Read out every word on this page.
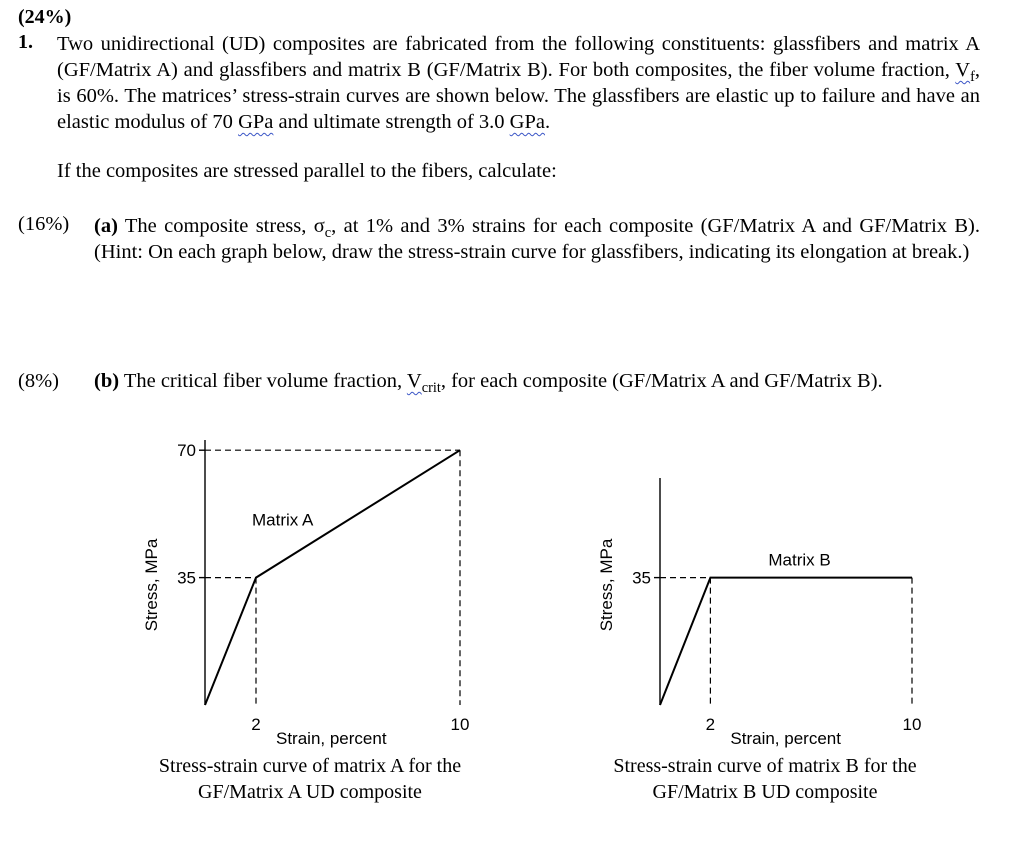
(24%)
1. Two unidirectional (UD) composites are fabricated from the following constituents: glassfibers and matrix A (GF/Matrix A) and glassfibers and matrix B (GF/Matrix B). For both composites, the fiber volume fraction, $V_f$, is 60%. The matrices’ stress-strain curves are shown below. The glassfibers are elastic up to failure and have an elastic modulus of 70 GPa and ultimate strength of 3.0 GPa.
If the composites are stressed parallel to the fibers, calculate:
(16%) (a) The composite stress, $\sigma_c$, at 1% and 3% strains for each composite (GF/Matrix A and GF/Matrix B). (Hint: On each graph below, draw the stress-strain curve for glassfibers, indicating its elongation at break.)
(8%) (b) The critical fiber volume fraction, $V_{crit}$, for each composite (GF/Matrix A and GF/Matrix B).
35
70
2	10
Strain, percent
Stress, MPa
Matrix A
Stress-strain curve of matrix A for the
GF/Matrix A UD composite
35
2	10
Strain, percent
Stress, MPa	Matrix B
Stress-strain curve of matrix B for the
GF/Matrix B UD composite
